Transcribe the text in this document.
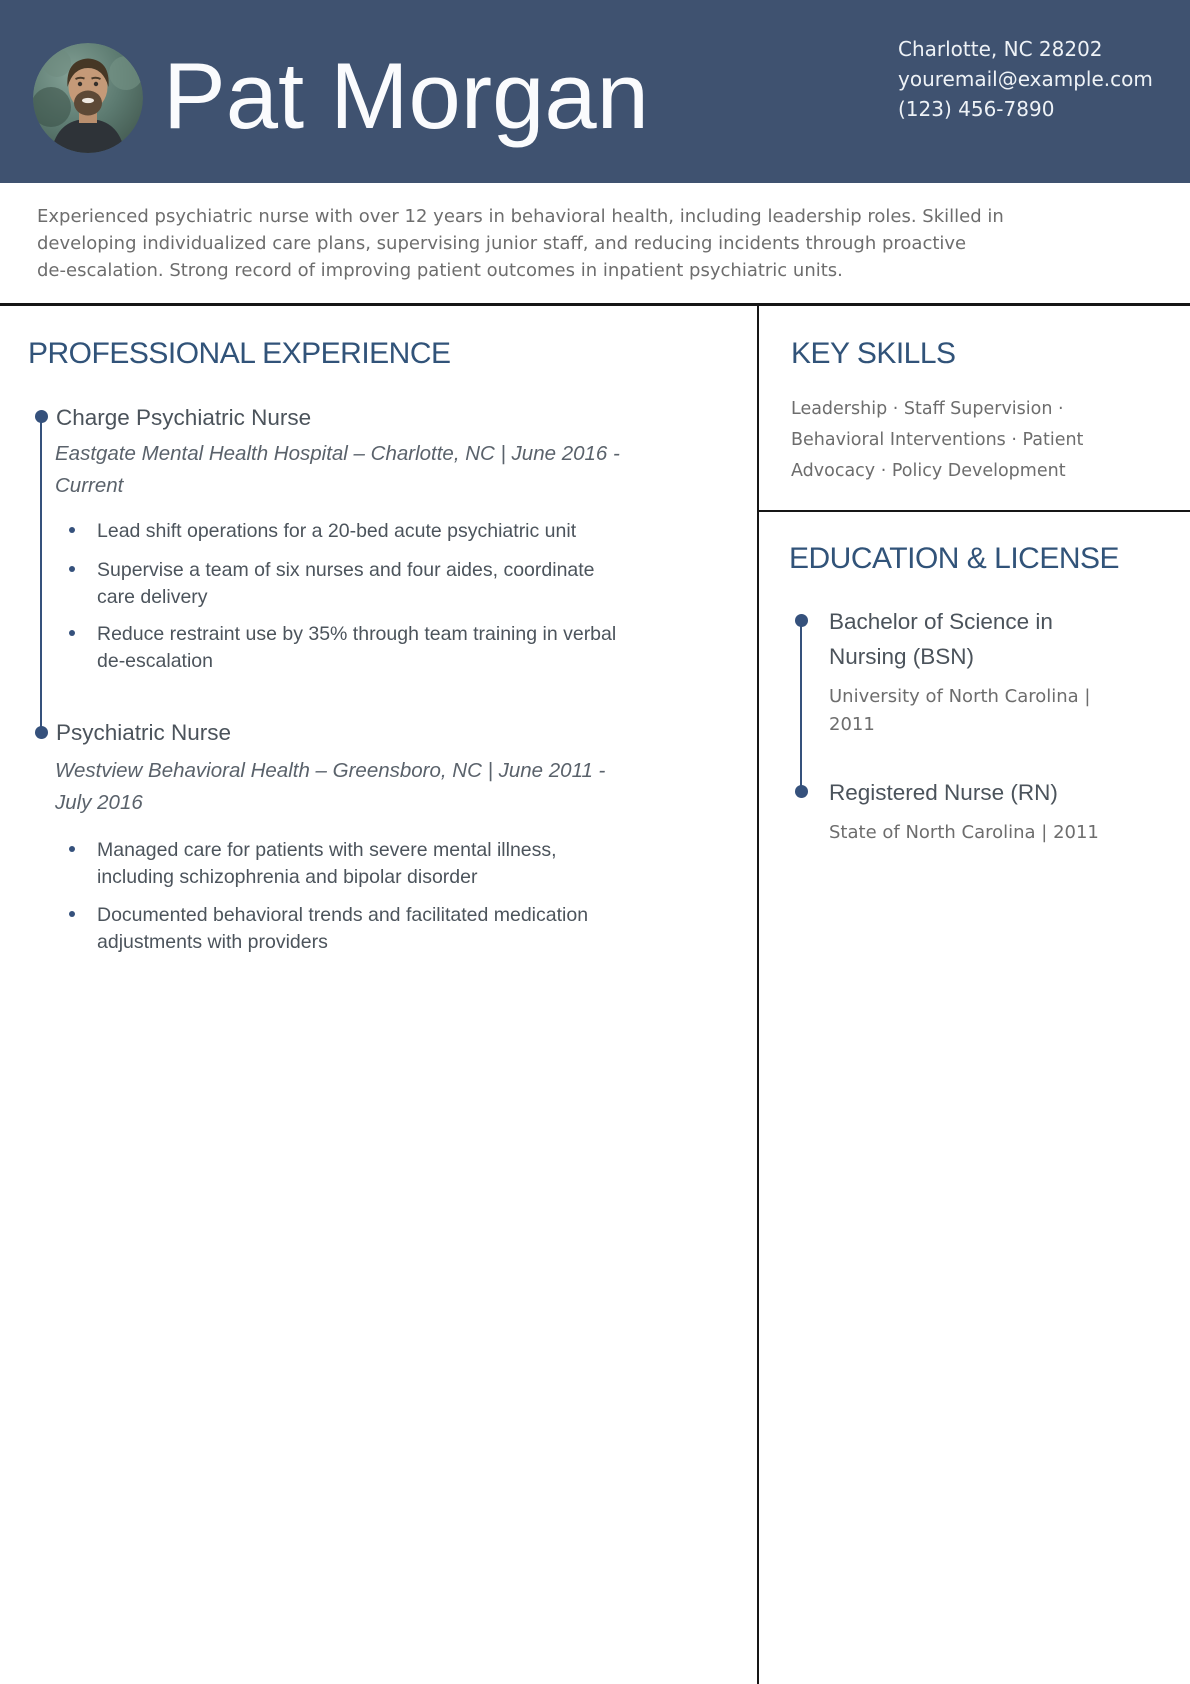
Pat Morgan	Charlotte, NC 28202
youremail@example.com
(123) 456-7890
Experienced psychiatric nurse with over 12 years in behavioral health, including leadership roles. Skilled in
developing individualized care plans, supervising junior staff, and reducing incidents through proactive
de-escalation. Strong record of improving patient outcomes in inpatient psychiatric units.
PROFESSIONAL EXPERIENCE
Charge Psychiatric Nurse
Eastgate Mental Health Hospital – Charlotte, NC | June 2016 -
Current
Lead shift operations for a 20-bed acute psychiatric unit
Supervise a team of six nurses and four aides, coordinate
care delivery
Reduce restraint use by 35% through team training in verbal
de-escalation
Psychiatric Nurse
Westview Behavioral Health – Greensboro, NC | June 2011 -
July 2016
Managed care for patients with severe mental illness,
including schizophrenia and bipolar disorder
Documented behavioral trends and facilitated medication
adjustments with providers
KEY SKILLS
Leadership · Staff Supervision ·
Behavioral Interventions · Patient
Advocacy · Policy Development
EDUCATION & LICENSE
Bachelor of Science in
Nursing (BSN)
University of North Carolina |
2011
Registered Nurse (RN)
State of North Carolina | 2011
